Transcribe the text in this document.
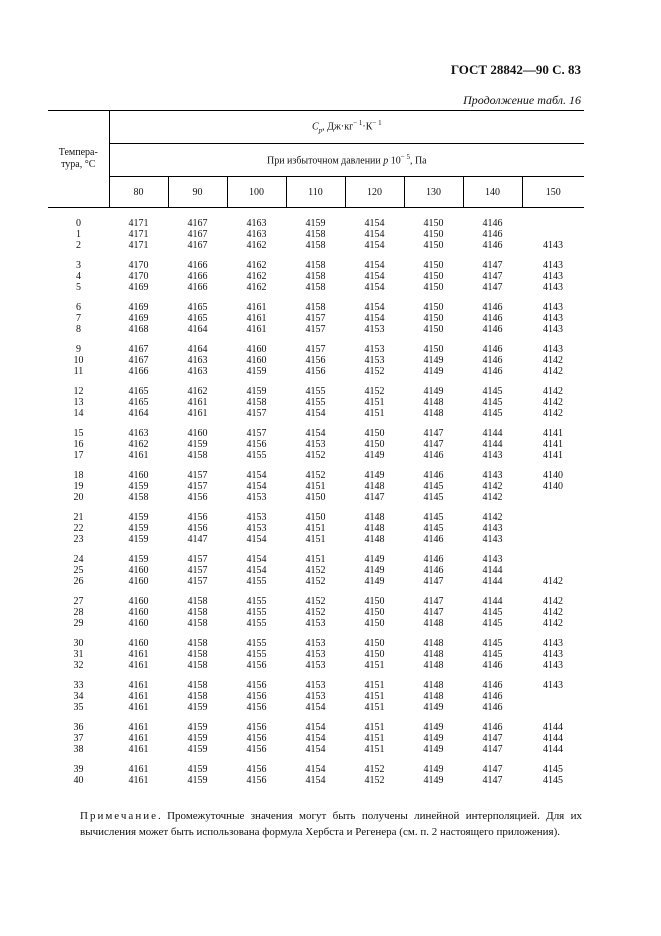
ГОСТ 28842—90 С. 83
Продолжение табл. 16
Темпера-
тура, °С	$C_p$, $Дж\cdot кг^{- 1}\cdot К^{- 1}$
	При избыточном давлении p $10^{- 5}$, Па							
	80	90	100	110	120	130	140	150
0	4171	4167	4163	4159	4154	4150	4146	
1	4171	4167	4163	4158	4154	4150	4146	
2	4171	4167	4162	4158	4154	4150	4146	4143
3	4170	4166	4162	4158	4154	4150	4147	4143
4	4170	4166	4162	4158	4154	4150	4147	4143
5	4169	4166	4162	4158	4154	4150	4147	4143
6	4169	4165	4161	4158	4154	4150	4146	4143
7	4169	4165	4161	4157	4154	4150	4146	4143
8	4168	4164	4161	4157	4153	4150	4146	4143
9	4167	4164	4160	4157	4153	4150	4146	4143
10	4167	4163	4160	4156	4153	4149	4146	4142
11	4166	4163	4159	4156	4152	4149	4146	4142
12	4165	4162	4159	4155	4152	4149	4145	4142
13	4165	4161	4158	4155	4151	4148	4145	4142
14	4164	4161	4157	4154	4151	4148	4145	4142
15	4163	4160	4157	4154	4150	4147	4144	4141
16	4162	4159	4156	4153	4150	4147	4144	4141
17	4161	4158	4155	4152	4149	4146	4143	4141
18	4160	4157	4154	4152	4149	4146	4143	4140
19	4159	4157	4154	4151	4148	4145	4142	4140
20	4158	4156	4153	4150	4147	4145	4142	
21	4159	4156	4153	4150	4148	4145	4142	
22	4159	4156	4153	4151	4148	4145	4143	
23	4159	4147	4154	4151	4148	4146	4143	
24	4159	4157	4154	4151	4149	4146	4143	
25	4160	4157	4154	4152	4149	4146	4144	
26	4160	4157	4155	4152	4149	4147	4144	4142
27	4160	4158	4155	4152	4150	4147	4144	4142
28	4160	4158	4155	4152	4150	4147	4145	4142
29	4160	4158	4155	4153	4150	4148	4145	4142
30	4160	4158	4155	4153	4150	4148	4145	4143
31	4161	4158	4155	4153	4150	4148	4145	4143
32	4161	4158	4156	4153	4151	4148	4146	4143
33	4161	4158	4156	4153	4151	4148	4146	4143
34	4161	4158	4156	4153	4151	4148	4146	
35	4161	4159	4156	4154	4151	4149	4146	
36	4161	4159	4156	4154	4151	4149	4146	4144
37	4161	4159	4156	4154	4151	4149	4147	4144
38	4161	4159	4156	4154	4151	4149	4147	4144
39	4161	4159	4156	4154	4152	4149	4147	4145
40	4161	4159	4156	4154	4152	4149	4147	4145
Примечание. Промежуточные значения могут быть получены линейной интерполяцией. Для их вычисления может быть использована формула Хербста и Регенера (см. п. 2 настоящего приложения).
